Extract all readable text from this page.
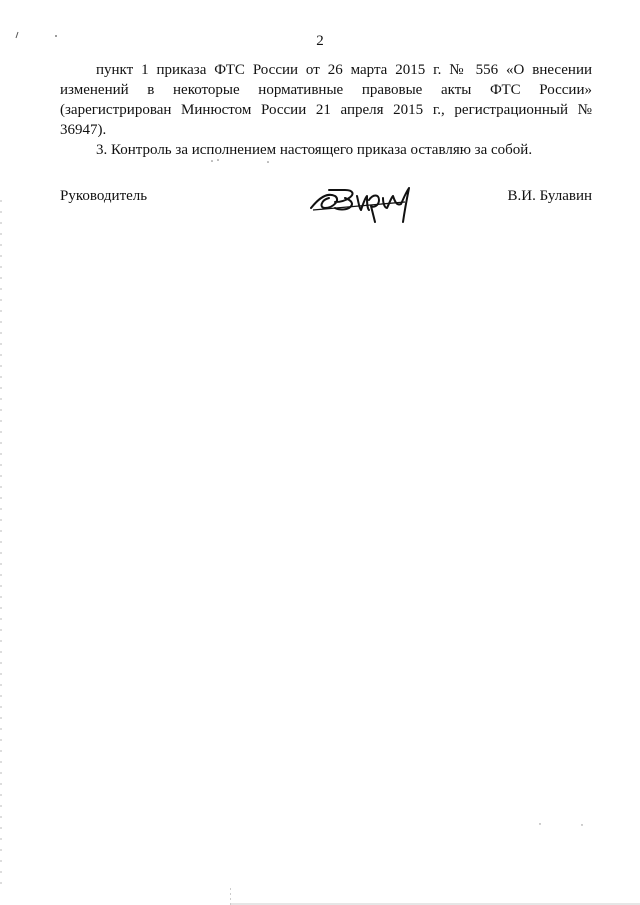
2

пункт 1 приказа ФТС России от 26 марта 2015 г. № 556 «О внесении изменений в некоторые нормативные правовые акты ФТС России» (зарегистрирован Минюстом России 21 апреля 2015 г., регистрационный № 36947).

3. Контроль за исполнением настоящего приказа оставляю за собой.

Руководитель	В.И. Булавин
